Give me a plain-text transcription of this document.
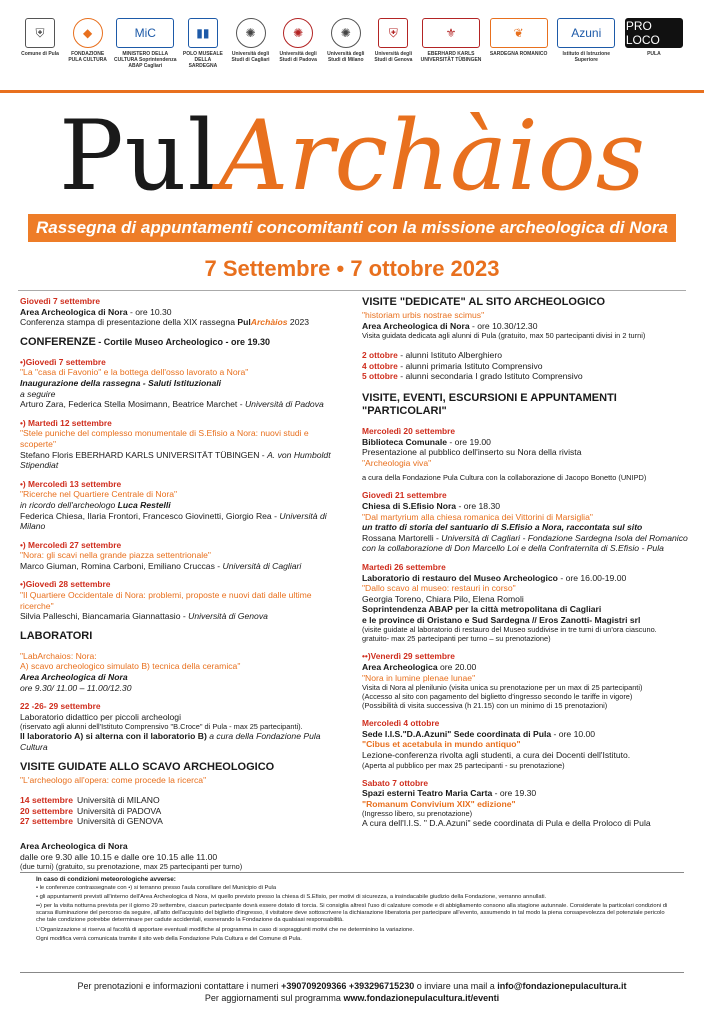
⛨
Comune di Pula
◆
FONDAZIONE PULA CULTURA
MiC
MINISTERO DELLA CULTURA Soprintendenza ABAP Cagliari
▮▮
POLO MUSEALE DELLA SARDEGNA
✺
Università degli Studi di Cagliari
✺
Università degli Studi di Padova
✺
Università degli Studi di Milano
⛨
Università degli Studi di Genova
⚜
EBERHARD KARLS UNIVERSITÄT TÜBINGEN
❦
SARDEGNA ROMANICO
Azuni
Istituto di Istruzione Superiore
PRO LOCO
PULA
PulArchàios
Rassegna di appuntamenti concomitanti con la missione archeologica di Nora
7 Settembre • 7 ottobre 2023
Giovedì 7 settembre
Area Archeologica di Nora - ore 10.30
Conferenza stampa di presentazione della XIX rassegna PulArchàios 2023
CONFERENZE - Cortile Museo Archeologico - ore 19.30
•)Giovedì 7 settembre
"La "casa di Favonio" e la bottega dell'osso lavorato a Nora"
Inaugurazione della rassegna - Saluti Istituzionali
a seguire
Arturo Zara, Federica Stella Mosimann, Beatrice Marchet - Università di Padova
•) Martedì 12 settembre
"Stele puniche del complesso monumentale di S.Efisio a Nora: nuovi studi e scoperte"
Stefano Floris EBERHARD KARLS UNIVERSITÄT TÜBINGEN - A. von Humboldt Stipendiat
•) Mercoledì 13 settembre
"Ricerche nel Quartiere Centrale di Nora"
in ricordo dell'archeologo Luca Restelli
Federica Chiesa, Ilaria Frontori, Francesco Giovinetti, Giorgio Rea - Università di Milano
•) Mercoledì 27 settembre
"Nora: gli scavi nella grande piazza settentrionale"
Marco Giuman, Romina Carboni, Emiliano Cruccas - Università di Cagliari
•)Giovedì 28 settembre
"Il Quartiere Occidentale di Nora: problemi, proposte e nuovi dati dalle ultime ricerche"
Silvia Palleschi, Biancamaria Giannattasio - Università di Genova
LABORATORI
"LabArchaios: Nora:
A) scavo archeologico simulato B) tecnica della ceramica"
Area Archeologica di Nora
ore 9.30/ 11.00 – 11.00/12.30
22 -26- 29 settembre
Laboratorio didattico per piccoli archeologi
(riservato agli alunni dell'Istituto Comprensivo "B.Croce" di Pula - max 25 partecipanti).
Il laboratorio A) si alterna con il laboratorio B) a cura della Fondazione Pula Cultura
VISITE GUIDATE ALLO SCAVO ARCHEOLOGICO
"L'archeologo all'opera: come procede la ricerca"
14 settembre Università di MILANO
20 settembre Università di PADOVA
27 settembre Università di GENOVA
Area Archeologica di Nora
dalle ore 9.30 alle 10.15 e dalle ore 10.15 alle 11.00
(due turni) (gratuito, su prenotazione, max 25 partecipanti per turno)
VISITE "DEDICATE" AL SITO ARCHEOLOGICO
"historiam urbis nostrae scimus"
Area Archeologica di Nora - ore 10.30/12.30
Visita guidata dedicata agli alunni di Pula (gratuito, max 50 partecipanti divisi in 2 turni)
2 ottobre - alunni Istituto Alberghiero
4 ottobre - alunni primaria Istituto Comprensivo
5 ottobre - alunni secondaria I grado Istituto Comprensivo
VISITE, EVENTI, ESCURSIONI E APPUNTAMENTI "PARTICOLARI"
Mercoledì 20 settembre
Biblioteca Comunale - ore 19.00
Presentazione al pubblico dell'inserto su Nora della rivista
"Archeologia viva"
a cura della Fondazione Pula Cultura con la collaborazione di Jacopo Bonetto (UNIPD)
Giovedì 21 settembre
Chiesa di S.Efisio Nora - ore 18.30
"Dal martyrium alla chiesa romanica dei Vittorini di Marsiglia"
un tratto di storia del santuario di S.Efisio a Nora, raccontata sul sito
Rossana Martorelli - Università di Cagliari - Fondazione Sardegna Isola del Romanico
con la collaborazione di Don Marcello Loi e della Confraternita di S.Efisio - Pula
Martedì 26 settembre
Laboratorio di restauro del Museo Archeologico - ore 16.00-19.00
"Dallo scavo al museo: restauri in corso"
Georgia Toreno, Chiara Pilo, Elena Romoli
Soprintendenza ABAP per la città metropolitana di Cagliari
e le province di Oristano e Sud Sardegna // Eros Zanotti- Magistri srl
(visite guidate al laboratorio di restauro del Museo suddivise in tre turni di un'ora ciascuno.
gratuito- max 25 partecipanti per turno – su prenotazione)
••)Venerdì 29 settembre
Area Archeologica ore 20.00
"Nora in lumine plenae lunae"
Visita di Nora al plenilunio (visita unica su prenotazione per un max di 25 partecipanti)
(Accesso al sito con pagamento del biglietto d'ingresso secondo le tariffe in vigore)
(Possibilità di visita successiva (h 21.15) con un minimo di 15 prenotazioni)
Mercoledì 4 ottobre
Sede I.I.S."D.A.Azuni" Sede coordinata di Pula - ore 10.00
"Cibus et acetabula in mundo antiquo"
Lezione-conferenza rivolta agli studenti, a cura dei Docenti dell'Istituto.
(Aperta al pubblico per max 25 partecipanti - su prenotazione)
Sabato 7 ottobre
Spazi esterni Teatro Maria Carta - ore 19.30
"Romanum Convivium XIX" edizione"
(Ingresso libero, su prenotazione)
A cura dell'I.I.S. " D.A.Azuni" sede coordinata di Pula e della Proloco di Pula

In caso di condizioni meteorologiche avverse:

• le conferenze contrassegnate con •) si terranno presso l'aula consiliare del Municipio di Pula

• gli appuntamenti previsti all'interno dell'Area Archeologica di Nora, ivi quello previsto presso la chiesa di S.Efisio, per motivi di sicurezza, a insindacabile giudizio della Fondazione, verranno annullati.

••) per la visita notturna prevista per il giorno 29 settembre, ciascun partecipante dovrà essere dotato di torcia. Si consiglia altresì l'uso di calzature comode e di abbigliamento consono alla stagione autunnale. Considerate la particolari condizioni di scarsa illuminazione del percorso da seguire, all'atto dell'acquisto del biglietto d'ingresso, il visitatore deve sottoscrivere la dichiarazione liberatoria per partecipare all'evento, assumendo in tal modo la piena consapevolezza del potenziale pericolo che tale condizione potrebbe determinare per cadute accidentali, esonerando la Fondazione da qualsiasi responsabilità.

L'Organizzazione si riserva al facoltà di apportare eventuali modifiche al programma in caso di sopraggiunti motivi che ne determinino la variazione.

Ogni modifica verrà comunicata tramite il sito web della Fondazione Pula Cultura e del Comune di Pula.

Per prenotazioni e informazioni contattare i numeri +390709209366 +393296715230 o inviare una mail a info@fondazionepulacultura.it
Per aggiornamenti sul programma www.fondazionepulacultura.it/eventi
